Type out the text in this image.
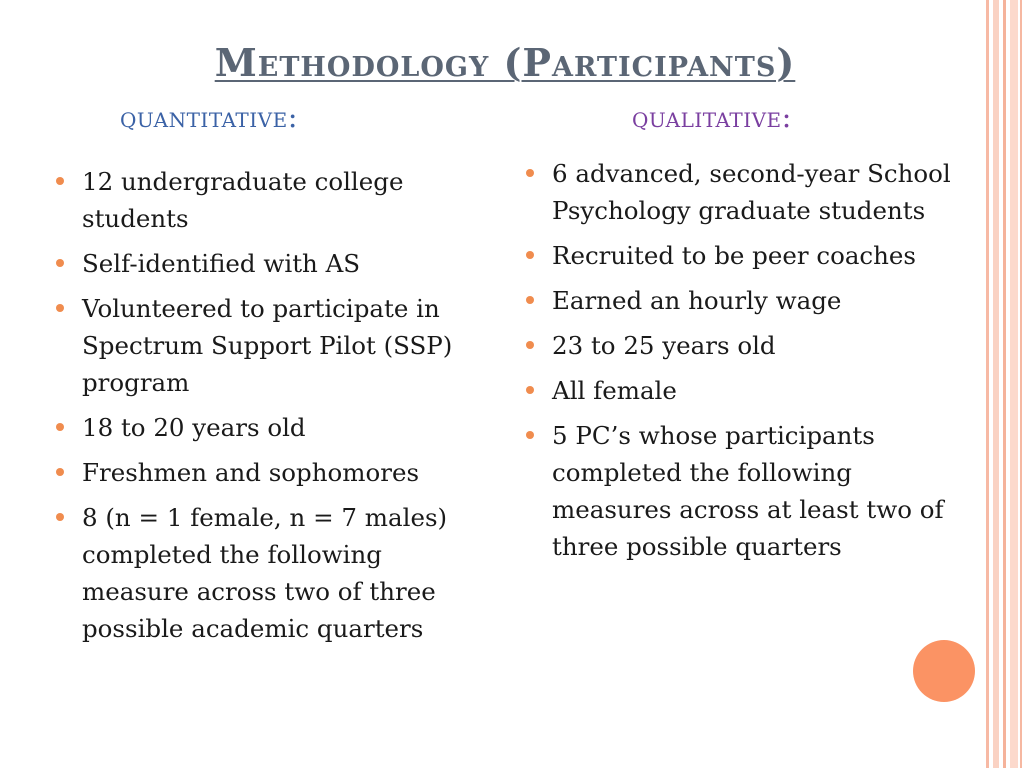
Methodology (Participants)
quantitative:	qualitative:
12 undergraduate college students
Self-identified with AS
Volunteered to participate in Spectrum Support Pilot (SSP) program
18 to 20 years old
Freshmen and sophomores
8 (n = 1 female, n = 7 males) completed the following measure across two of three possible academic quarters
6 advanced, second-year School Psychology graduate students
Recruited to be peer coaches
Earned an hourly wage
23 to 25 years old
All female
5 PC’s whose participants completed the following measures across at least two of three possible quarters
